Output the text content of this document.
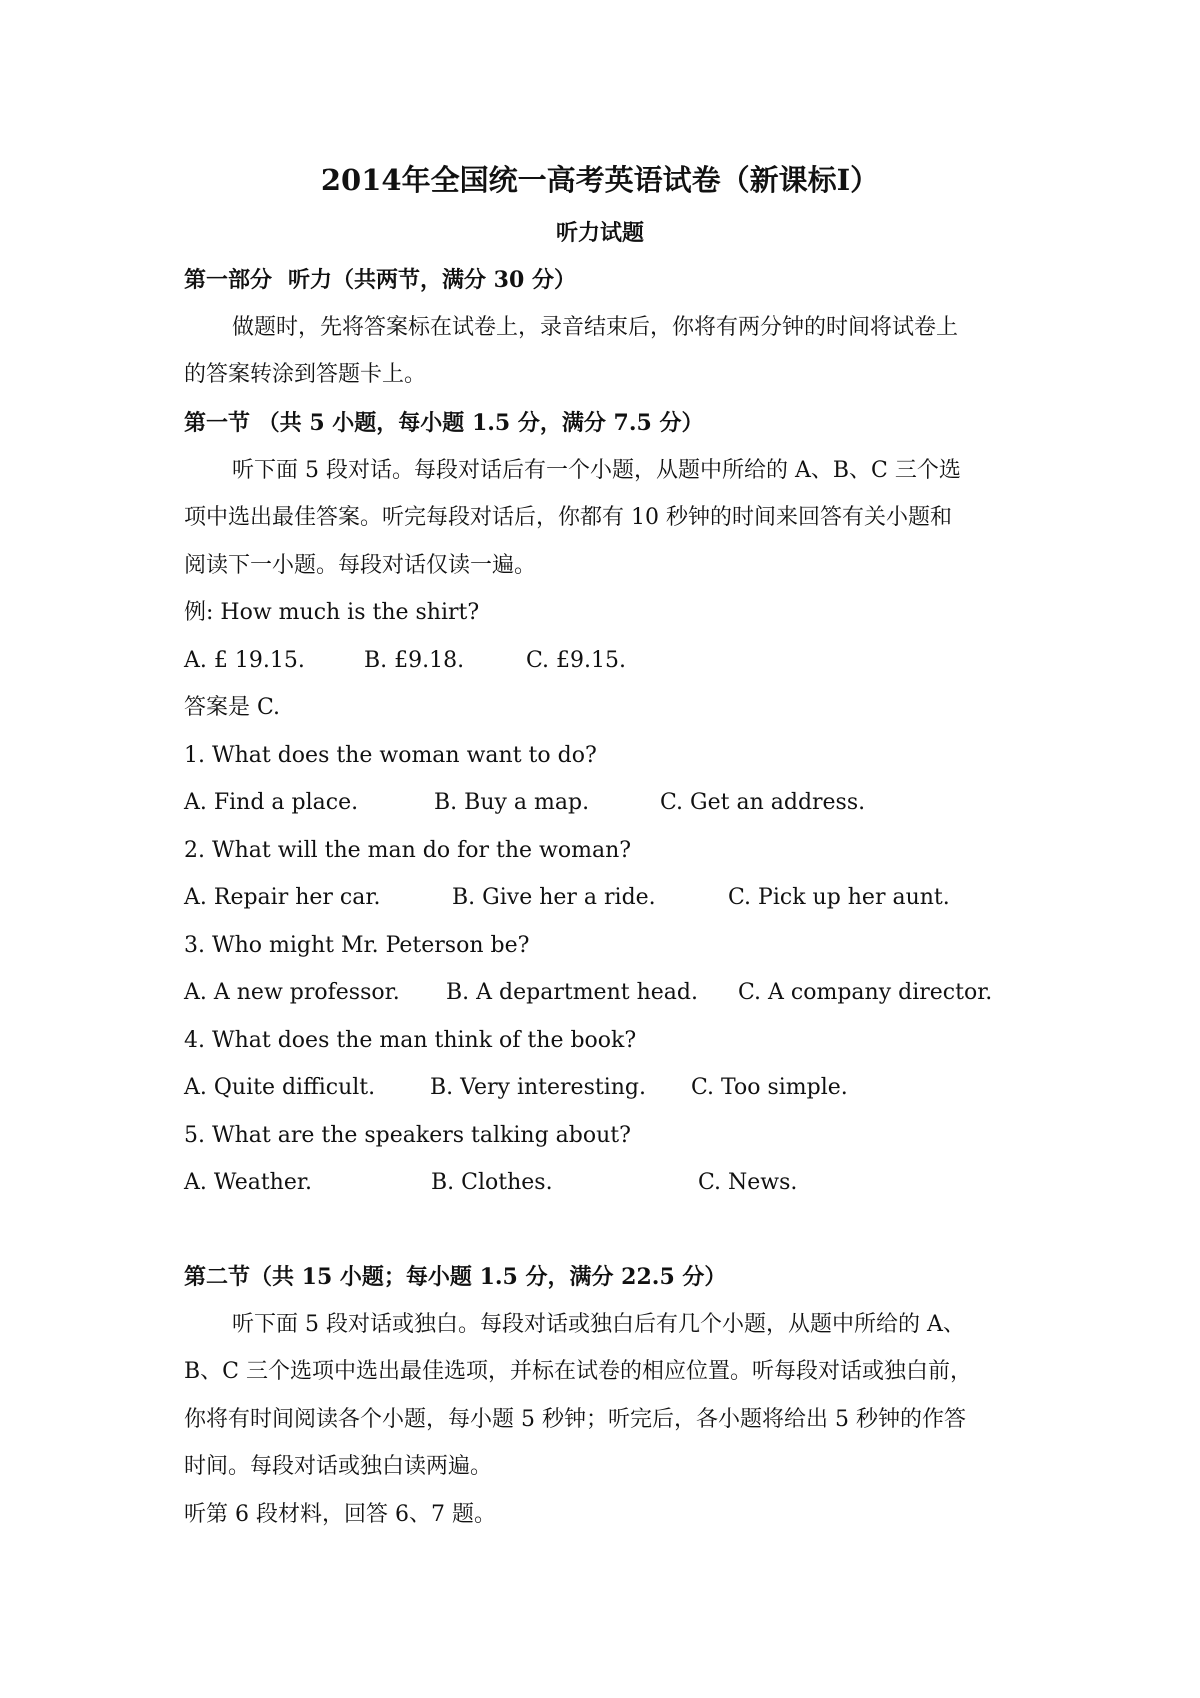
2014年全国统一高考英语试卷（新课标I）
听力试题
第一部分 听力（共两节，满分 30 分）
做题时，先将答案标在试卷上，录音结束后，你将有两分钟的时间将试卷上
的答案转涂到答题卡上。
第一节 （共 5 小题，每小题 1.5 分，满分 7.5 分）
听下面 5 段对话。每段对话后有一个小题，从题中所给的 A、B、C 三个选
项中选出最佳答案。听完每段对话后，你都有 10 秒钟的时间来回答有关小题和
阅读下一小题。每段对话仅读一遍。
例: How much is the shirt?
A. £ 19.15.	B. £9.18.	C. £9.15.
答案是 C.
1. What does the woman want to do?
A. Find a place.	B. Buy a map.	C. Get an address.
2. What will the man do for the woman?
A. Repair her car.	B. Give her a ride.	C. Pick up her aunt.
3. Who might Mr. Peterson be?
A. A new professor. B. A department head. C. A company director.
4. What does the man think of the book?
A. Quite difficult. B. Very interesting. C. Too simple.
5. What are the speakers talking about?
A. Weather.	B. Clothes.	C. News.
第二节（共 15 小题；每小题 1.5 分，满分 22.5 分）
听下面 5 段对话或独白。每段对话或独白后有几个小题，从题中所给的 A、
B、C 三个选项中选出最佳选项，并标在试卷的相应位置。听每段对话或独白前，
你将有时间阅读各个小题，每小题 5 秒钟；听完后，各小题将给出 5 秒钟的作答
时间。每段对话或独白读两遍。
听第 6 段材料，回答 6、7 题。
